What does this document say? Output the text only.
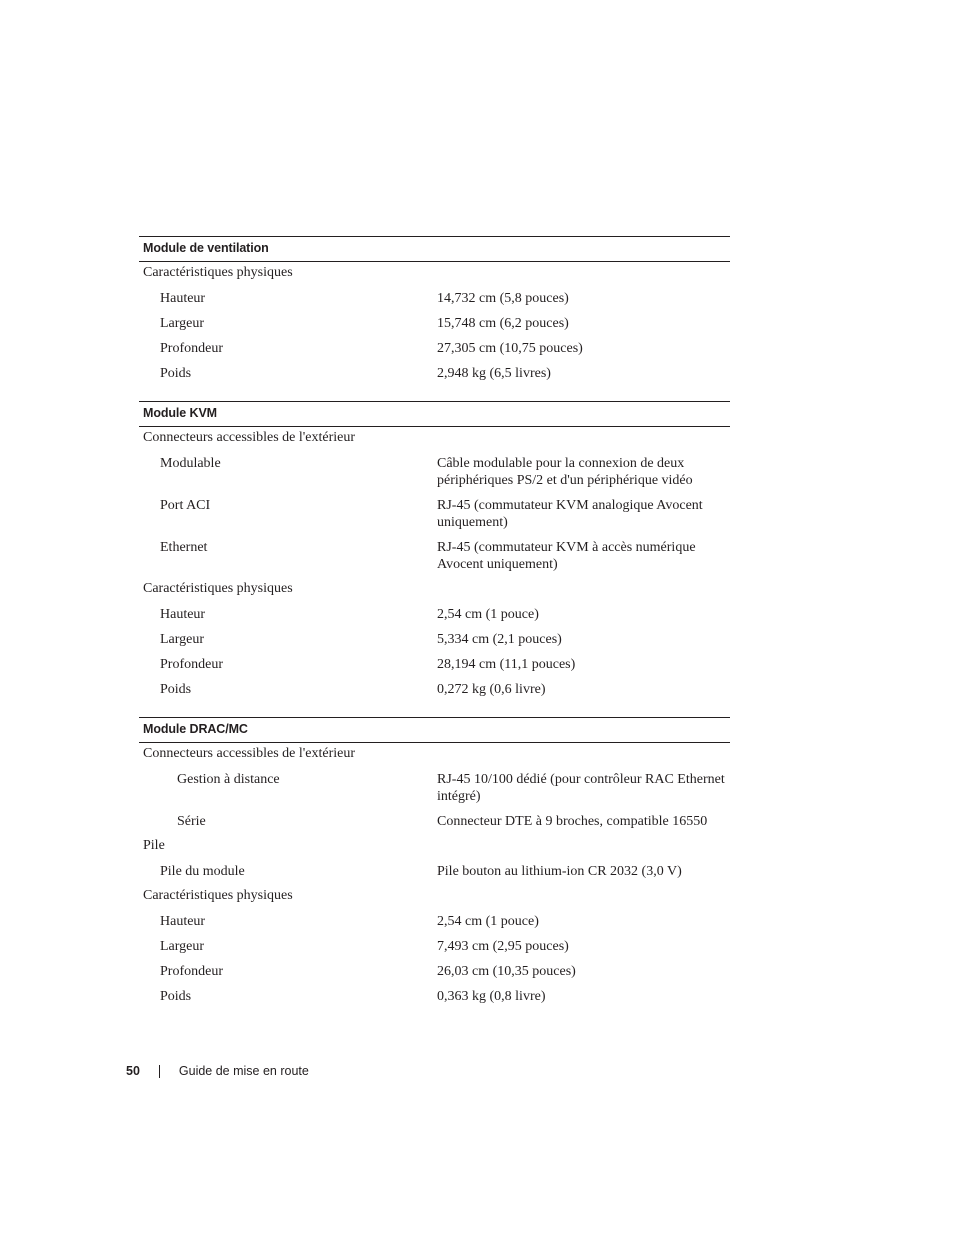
Module de ventilation
Caractéristiques physiques
Hauteur	14,732 cm (5,8 pouces)
Largeur	15,748 cm (6,2 pouces)
Profondeur	27,305 cm (10,75 pouces)
Poids	2,948 kg (6,5 livres)
Module KVM
Connecteurs accessibles de l'extérieur
Modulable	Câble modulable pour la connexion de deux périphériques PS/2 et d'un périphérique vidéo
Port ACI	RJ-45 (commutateur KVM analogique Avocent uniquement)
Ethernet	RJ-45 (commutateur KVM à accès numérique Avocent uniquement)
Caractéristiques physiques
Hauteur	2,54 cm (1 pouce)
Largeur	5,334 cm (2,1 pouces)
Profondeur	28,194 cm (11,1 pouces)
Poids	0,272 kg (0,6 livre)
Module DRAC/MC
Connecteurs accessibles de l'extérieur
Gestion à distance	RJ-45 10/100 dédié (pour contrôleur RAC Ethernet intégré)
Série	Connecteur DTE à 9 broches, compatible 16550
Pile
Pile du module	Pile bouton au lithium-ion CR 2032 (3,0 V)
Caractéristiques physiques
Hauteur	2,54 cm (1 pouce)
Largeur	7,493 cm (2,95 pouces)
Profondeur	26,03 cm (10,35 pouces)
Poids	0,363 kg (0,8 livre)
50	Guide de mise en route
